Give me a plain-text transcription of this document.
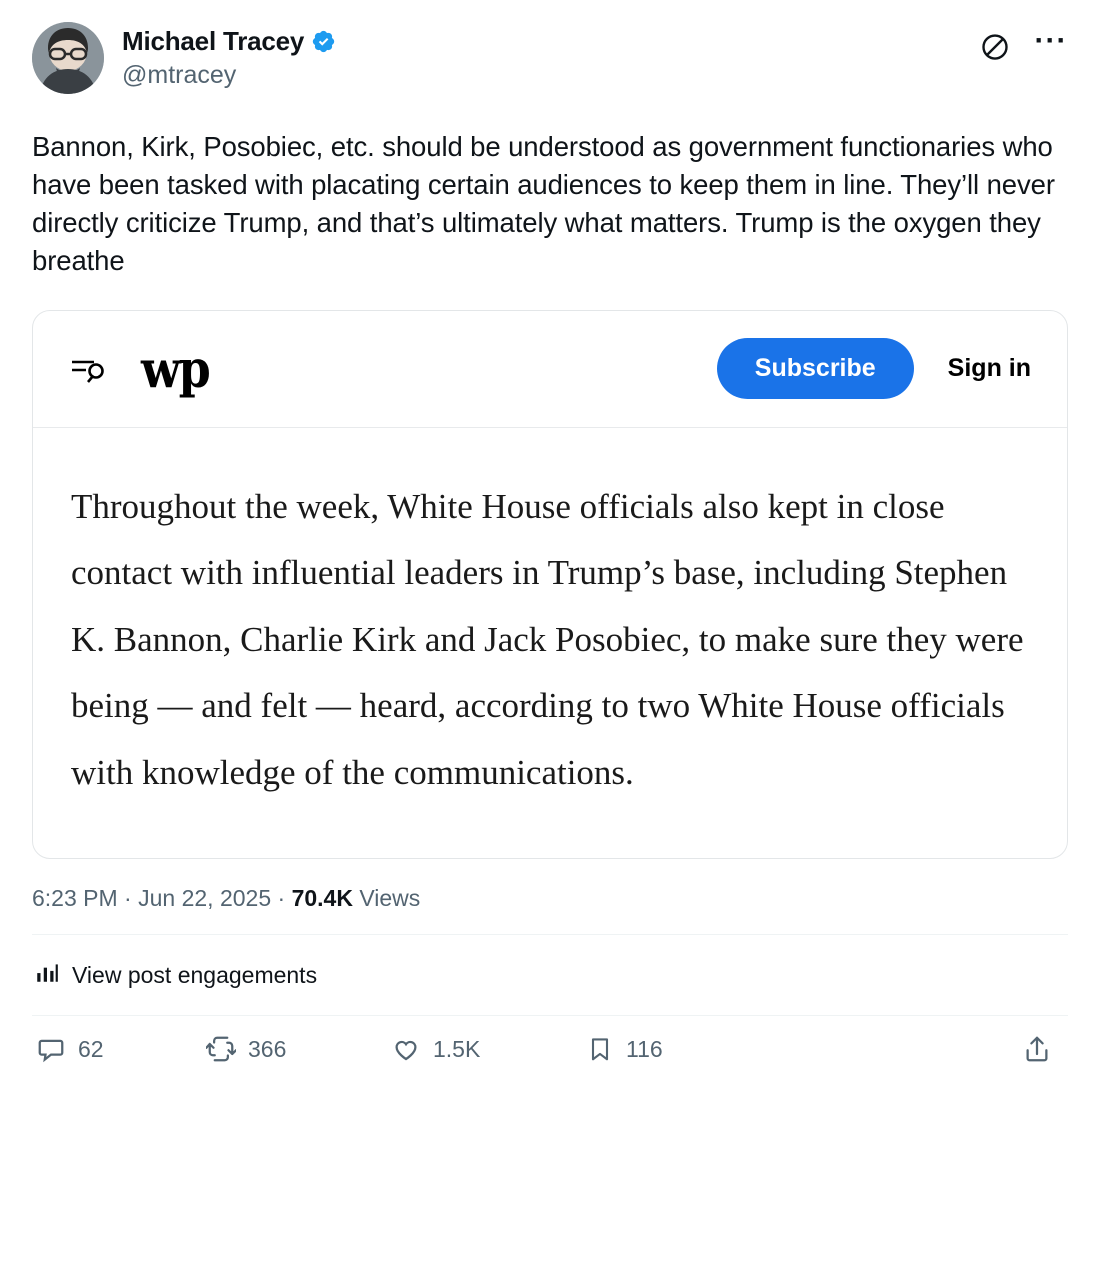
Michael Tracey
@mtracey
···
Bannon, Kirk, Posobiec, etc. should be understood as government functionaries who have been tasked with placating certain audiences to keep them in line. They’ll never directly criticize Trump, and that’s ultimately what matters. Trump is the oxygen they breathe
wp	Subscribe	Sign in
Throughout the week, White House officials also kept in close contact with influential leaders in Trump’s base, including Stephen K. Bannon, Charlie Kirk and Jack Posobiec, to make sure they were being — and felt — heard, according to two White House officials with knowledge of the communications.
6:23 PM · Jun 22, 2025 · 70.4K Views
View post engagements
62	366	1.5K	116
